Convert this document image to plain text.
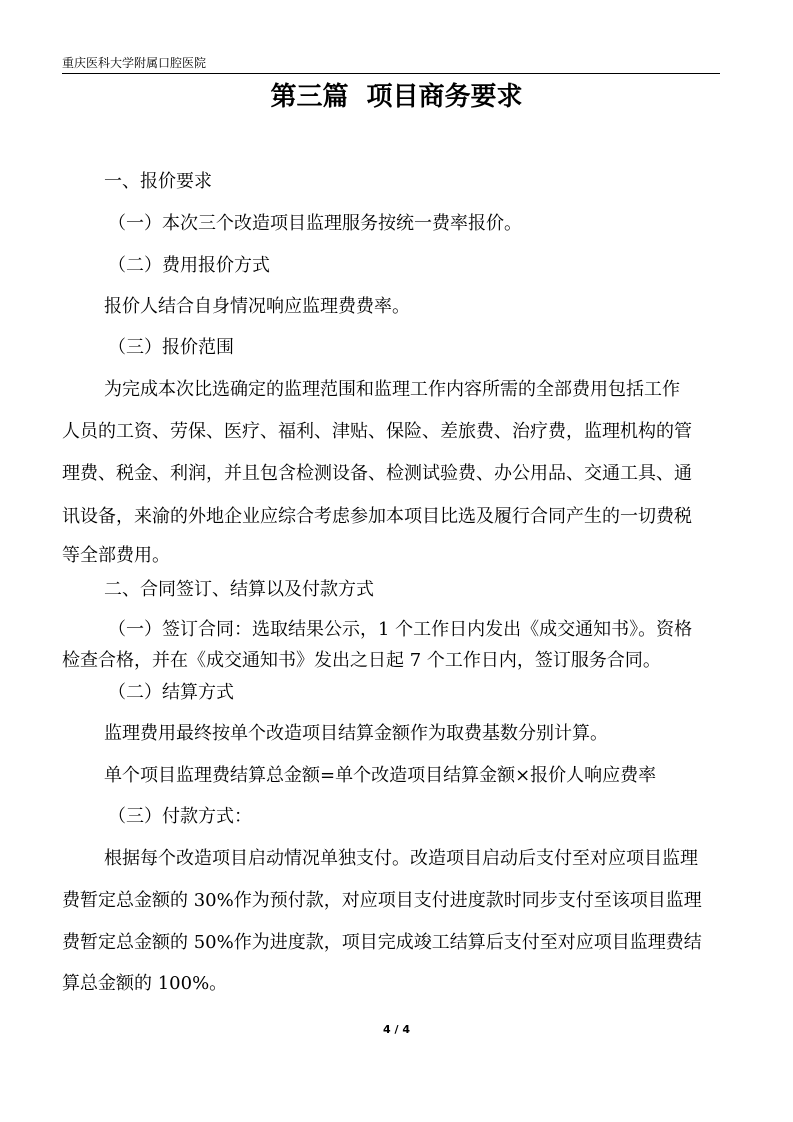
重庆医科大学附属口腔医院
第三篇  项目商务要求
一、报价要求
（一）本次三个改造项目监理服务按统一费率报价。
（二）费用报价方式
报价人结合自身情况响应监理费费率。
（三）报价范围
为完成本次比选确定的监理范围和监理工作内容所需的全部费用包括工作
人员的工资、劳保、医疗、福利、津贴、保险、差旅费、治疗费，监理机构的管
理费、税金、利润，并且包含检测设备、检测试验费、办公用品、交通工具、通
讯设备，来渝的外地企业应综合考虑参加本项目比选及履行合同产生的一切费税
等全部费用。
二、合同签订、结算以及付款方式
（一）签订合同：选取结果公示，1 个工作日内发出《成交通知书》。资格
检查合格，并在《成交通知书》发出之日起 7 个工作日内，签订服务合同。
（二）结算方式
监理费用最终按单个改造项目结算金额作为取费基数分别计算。
单个项目监理费结算总金额=单个改造项目结算金额×报价人响应费率
（三）付款方式：
根据每个改造项目启动情况单独支付。改造项目启动后支付至对应项目监理
费暂定总金额的 30%作为预付款，对应项目支付进度款时同步支付至该项目监理
费暂定总金额的 50%作为进度款，项目完成竣工结算后支付至对应项目监理费结
算总金额的 100%。
4 / 4
